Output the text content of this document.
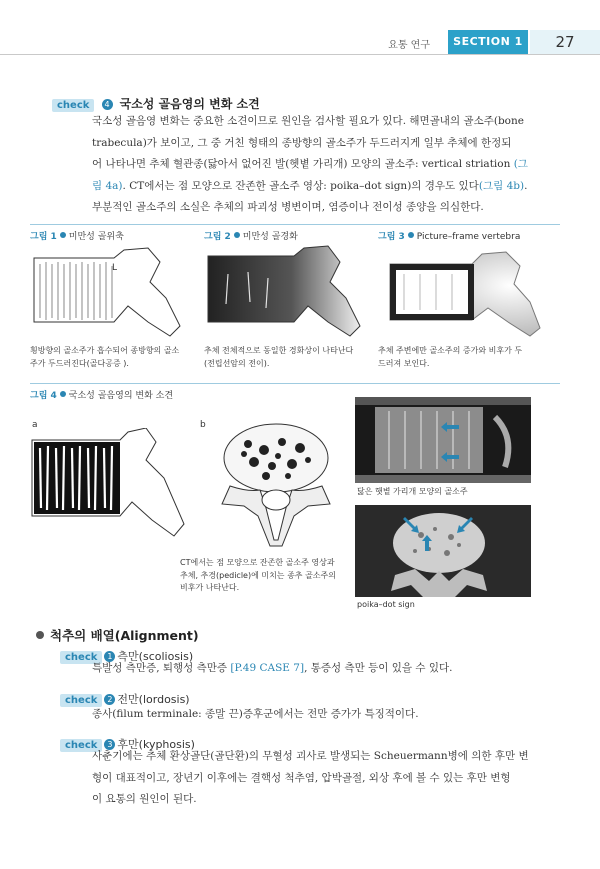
요통 연구	SECTION 1	27
check 4 국소성 골음영의 변화 소견
국소성 골음영 변화는 중요한 소견이므로 원인을 검사할 필요가 있다. 해면골내의 골소주(bone
trabecula)가 보이고, 그 중 거친 형태의 종방향의 골소주가 두드러지게 일부 추체에 한정되
어 나타나면 추체 혈관종(닳아서 없어진 발(헷볕 가리개) 모양의 골소주: vertical striation (그
림 4a). CT에서는 점 모양으로 잔존한 골소주 영상: poika–dot sign)의 경우도 있다(그림 4b).
부분적인 골소주의 소실은 추체의 파괴성 병변이며, 염증이나 전이성 종양을 의심한다.
그림 1 미만성 골위축	그림 2 미만성 골경화	그림 3 Picture–frame vertebra
L
횡방향의 골소주가 흡수되어 종방향의 골소
주가 두드러진다(골다공증 ).
추체 전체적으로 동일한 경화상이 나타난다
(전립선암의 전이).
추체 주변에만 골소주의 증가와 비후가 두
드러져 보인다.
그림 4 국소성 골음영의 변화 소견
a	b
CT에서는 점 모양으로 잔존한 골소주 영상과
추체, 추경(pedicle)에 미치는 종추 골소주의
비후가 나타난다.
닳은 햇볕 가리개 모양의 골소주
poika–dot sign
척추의 배열(Alignment)
check 1 측만(scoliosis)
특발성 측만증, 퇴행성 측만증 [P.49 CASE 7], 통증성 측만 등이 있을 수 있다.
check 2 전만(lordosis)
종사(filum terminale: 종말 끈)증후군에서는 전만 증가가 특징적이다.
check 3 후만(kyphosis)
사춘기에는 추체 환상골단(골단환)의 무혈성 괴사로 발생되는 Scheuermann병에 의한 후만 변
형이 대표적이고, 장년기 이후에는 결핵성 척추염, 압박골절, 외상 후에 볼 수 있는 후만 변형
이 요통의 원인이 된다.
